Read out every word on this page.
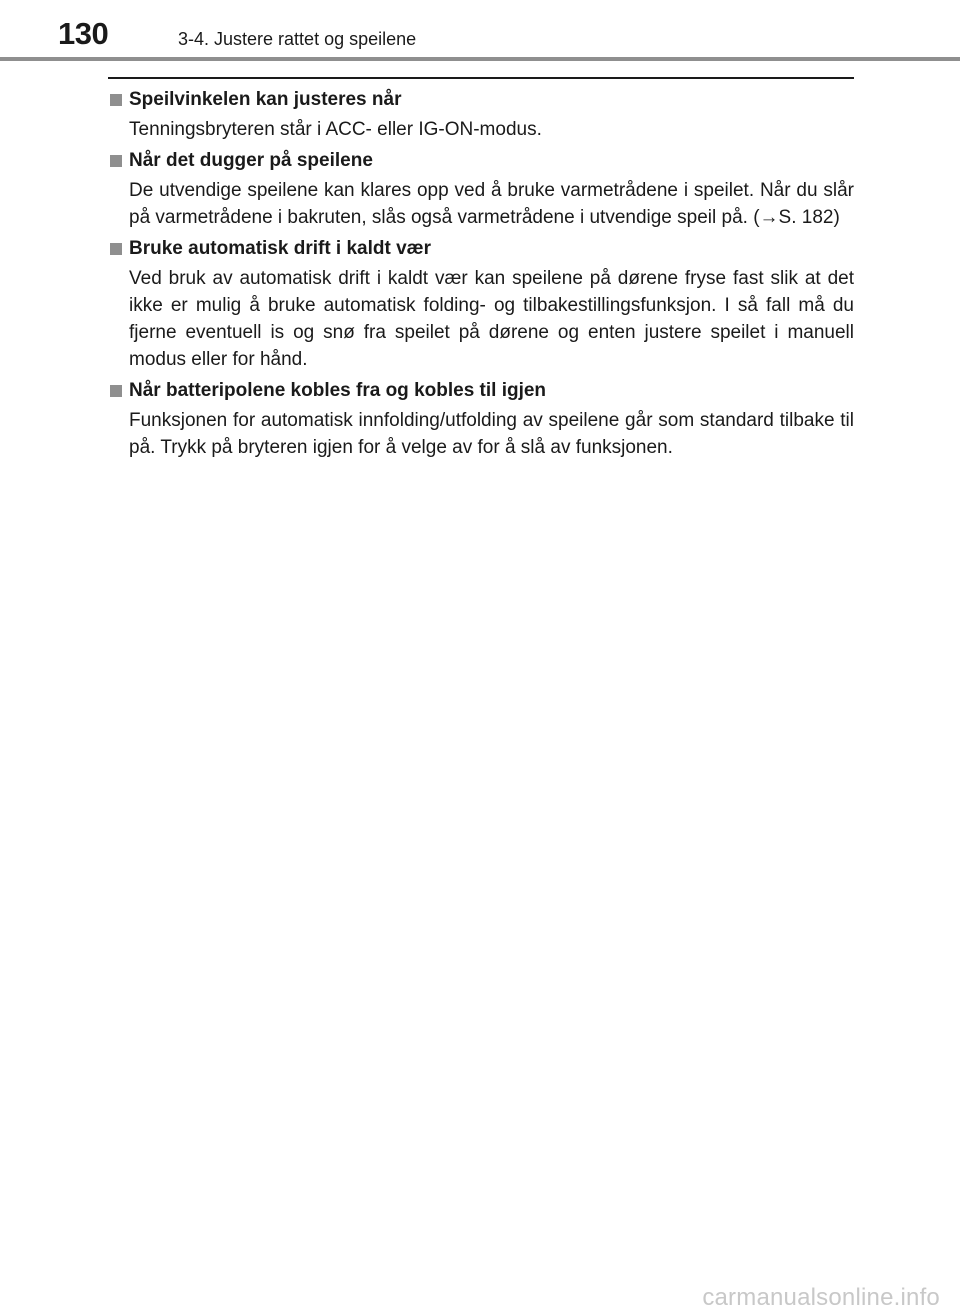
130	3-4. Justere rattet og speilene
Speilvinkelen kan justeres når

Tenningsbryteren står i ACC- eller IG-ON-modus.

Når det dugger på speilene

De utvendige speilene kan klares opp ved å bruke varmetrådene i speilet. Når du slår på varmetrådene i bakruten, slås også varmetrådene i utvendige speil på. (→S. 182)

Bruke automatisk drift i kaldt vær

Ved bruk av automatisk drift i kaldt vær kan speilene på dørene fryse fast slik at det ikke er mulig å bruke automatisk folding- og tilbakestillingsfunksjon. I så fall må du fjerne eventuell is og snø fra speilet på dørene og enten justere speilet i manuell modus eller for hånd.

Når batteripolene kobles fra og kobles til igjen

Funksjonen for automatisk innfolding/utfolding av speilene går som standard tilbake til på. Trykk på bryteren igjen for å velge av for å slå av funksjonen.

carmanualsonline.info
